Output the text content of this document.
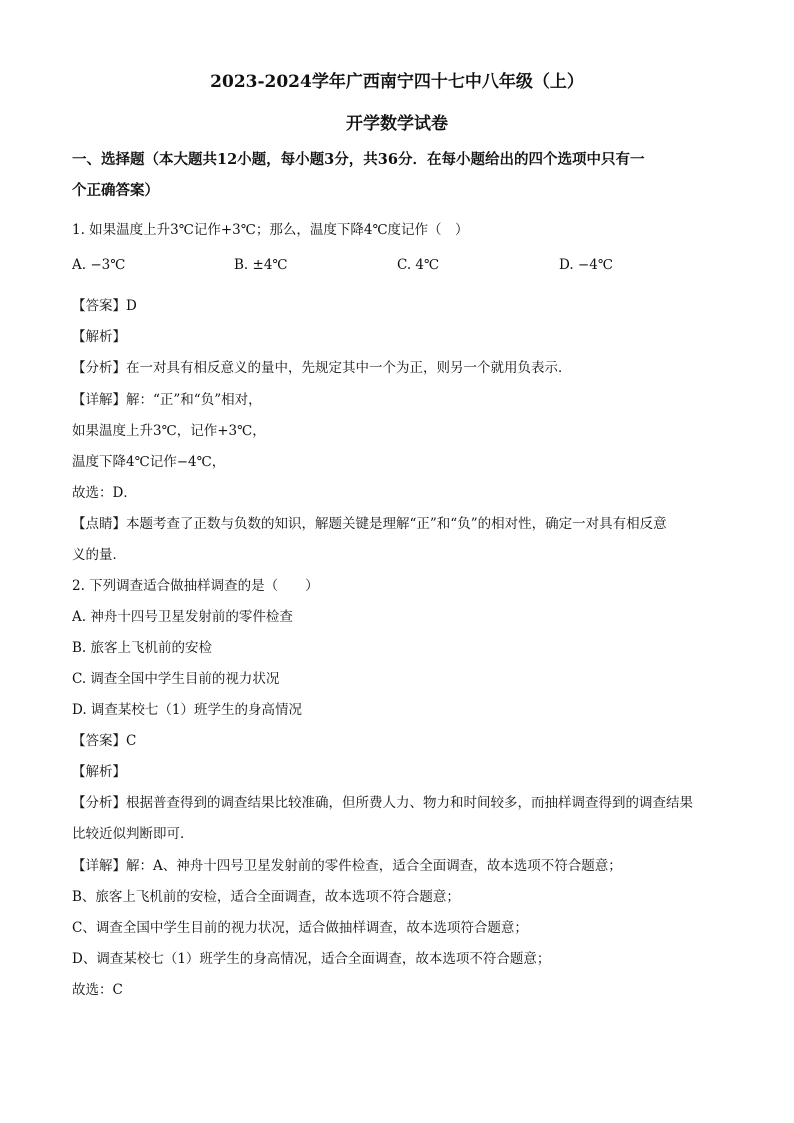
2023-2024学年广西南宁四十七中八年级（上）
开学数学试卷
一、选择题（本大题共12小题，每小题3分，共36分．在每小题给出的四个选项中只有一
个正确答案）
1. 如果温度上升3℃记作+3℃；那么，温度下降4℃度记作（　）
A. −3℃	B. ±4℃	C. 4℃	D. −4℃
【答案】D
【解析】
【分析】在一对具有相反意义的量中，先规定其中一个为正，则另一个就用负表示．
【详解】解：“正”和“负”相对，
如果温度上升3℃，记作+3℃，
温度下降4℃记作−4℃，
故选：D．
【点睛】本题考查了正数与负数的知识，解题关键是理解“正”和“负”的相对性，确定一对具有相反意
义的量．
2. 下列调查适合做抽样调查的是（　　）
A. 神舟十四号卫星发射前的零件检查
B. 旅客上飞机前的安检
C. 调查全国中学生目前的视力状况
D. 调查某校七（1）班学生的身高情况
【答案】C
【解析】
【分析】根据普查得到的调查结果比较准确，但所费人力、物力和时间较多，而抽样调查得到的调查结果
比较近似判断即可．
【详解】解：A、神舟十四号卫星发射前的零件检查，适合全面调查，故本选项不符合题意；
B、旅客上飞机前的安检，适合全面调查，故本选项不符合题意；
C、调查全国中学生目前的视力状况，适合做抽样调查，故本选项符合题意；
D、调查某校七（1）班学生的身高情况，适合全面调查，故本选项不符合题意；
故选：C
